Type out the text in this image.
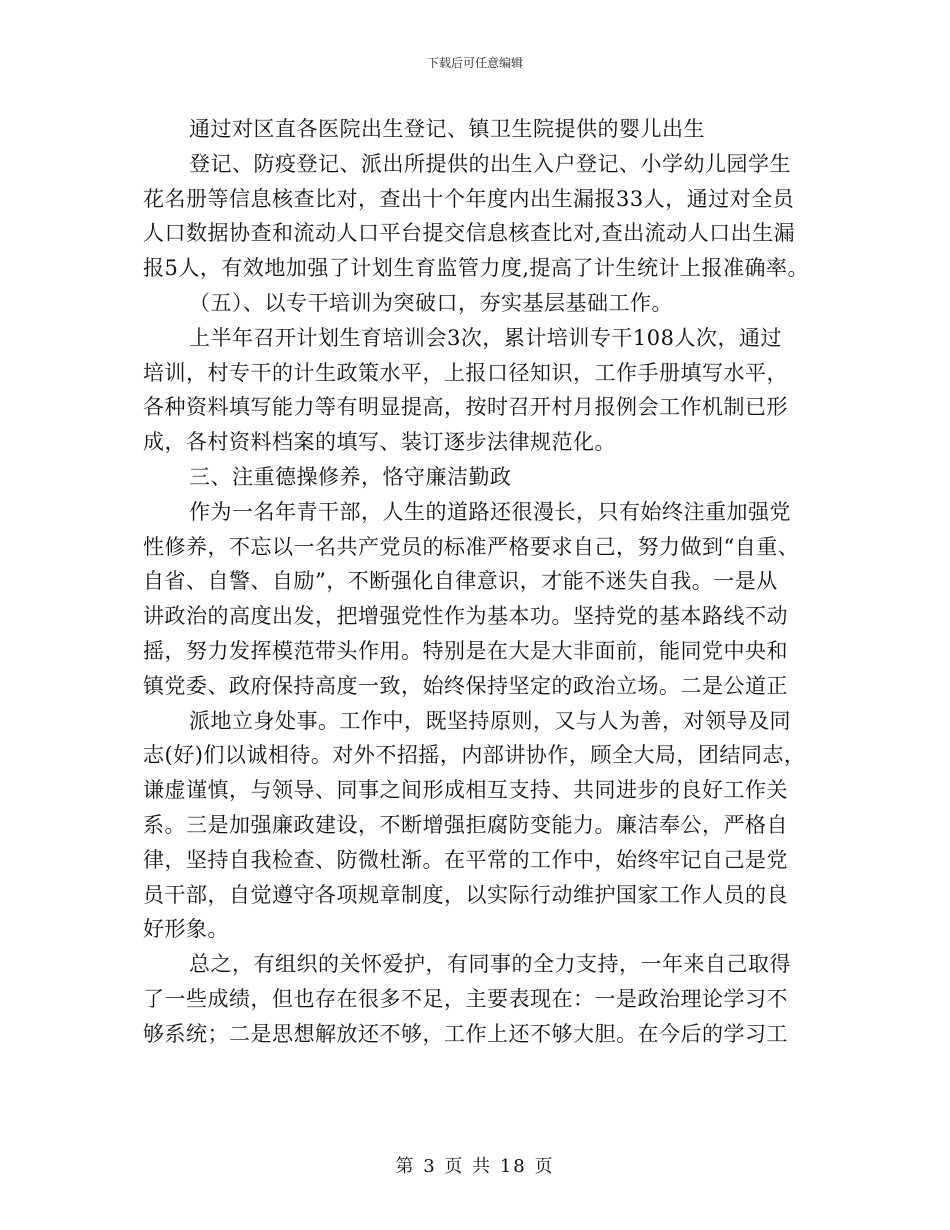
下载后可任意编辑
通过对区直各医院出生登记、镇卫生院提供的婴儿出生
登记、防疫登记、派出所提供的出生入户登记、小学幼儿园学生
花名册等信息核查比对，查出十个年度内出生漏报33人，通过对全员
人口数据协查和流动人口平台提交信息核查比对,查出流动人口出生漏
报5人，有效地加强了计划生育监管力度,提高了计生统计上报准确率。
（五）、以专干培训为突破口，夯实基层基础工作。
上半年召开计划生育培训会3次，累计培训专干108人次，通过
培训，村专干的计生政策水平，上报口径知识，工作手册填写水平，
各种资料填写能力等有明显提高，按时召开村月报例会工作机制已形
成，各村资料档案的填写、装订逐步法律规范化。
三、注重德操修养，恪守廉洁勤政
作为一名年青干部，人生的道路还很漫长，只有始终注重加强党
性修养，不忘以一名共产党员的标准严格要求自己，努力做到“自重、
自省、自警、自励”，不断强化自律意识，才能不迷失自我。一是从
讲政治的高度出发，把增强党性作为基本功。坚持党的基本路线不动
摇，努力发挥模范带头作用。特别是在大是大非面前，能同党中央和
镇党委、政府保持高度一致，始终保持坚定的政治立场。二是公道正
派地立身处事。工作中，既坚持原则，又与人为善，对领导及同
志(好)们以诚相待。对外不招摇，内部讲协作，顾全大局，团结同志，
谦虚谨慎，与领导、同事之间形成相互支持、共同进步的良好工作关
系。三是加强廉政建设，不断增强拒腐防变能力。廉洁奉公，严格自
律，坚持自我检查、防微杜渐。在平常的工作中，始终牢记自己是党
员干部，自觉遵守各项规章制度，以实际行动维护国家工作人员的良
好形象。
总之，有组织的关怀爱护，有同事的全力支持，一年来自己取得
了一些成绩，但也存在很多不足，主要表现在：一是政治理论学习不
够系统；二是思想解放还不够，工作上还不够大胆。在今后的学习工
第 3 页 共 18 页
